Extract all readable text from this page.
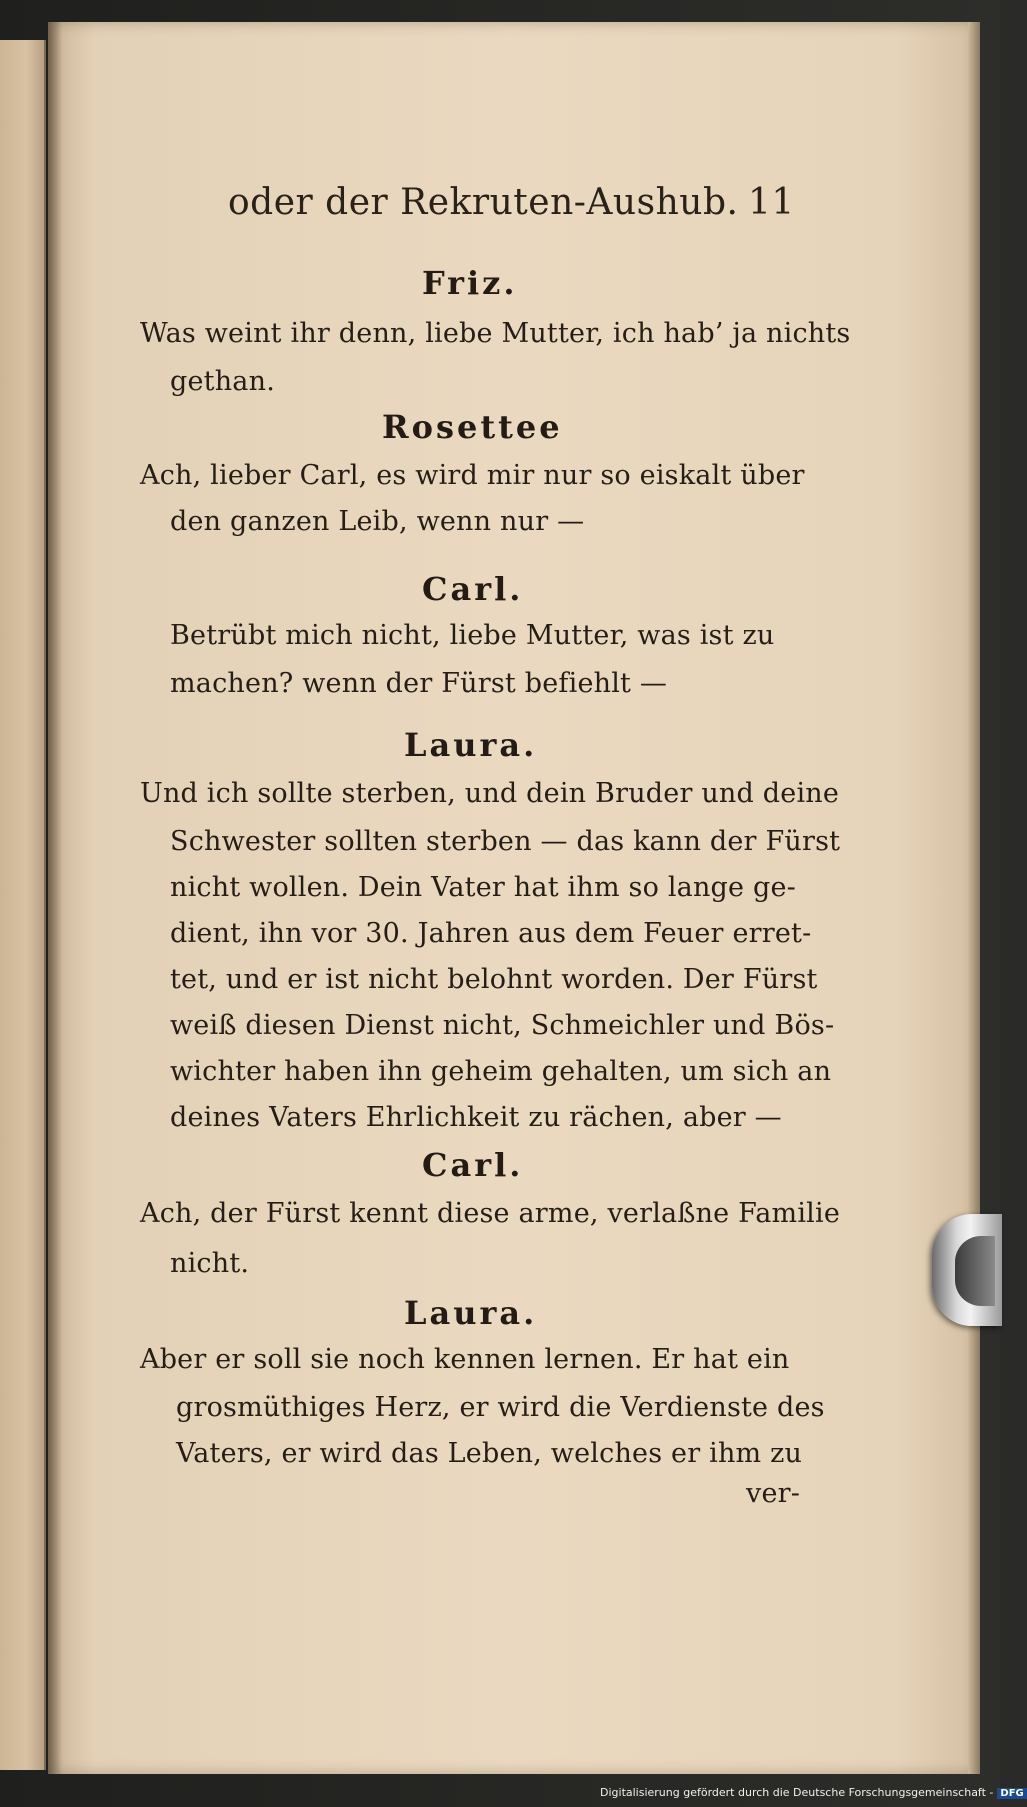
oder der Rekruten-Aushub. 11
Friz.
Was weint ihr denn, liebe Mutter, ich hab’ ja nichts
gethan.
Rosettee
Ach, lieber Carl, es wird mir nur so eiskalt über
den ganzen Leib, wenn nur —
Carl.
Betrübt mich nicht, liebe Mutter, was ist zu
machen? wenn der Fürst befiehlt —
Laura.
Und ich sollte sterben, und dein Bruder und deine
Schwester sollten sterben — das kann der Fürst
nicht wollen. Dein Vater hat ihm so lange ge-
dient, ihn vor 30. Jahren aus dem Feuer erret-
tet, und er ist nicht belohnt worden. Der Fürst
weiß diesen Dienst nicht, Schmeichler und Bös-
wichter haben ihn geheim gehalten, um sich an
deines Vaters Ehrlichkeit zu rächen, aber —
Carl.
Ach, der Fürst kennt diese arme, verlaßne Familie
nicht.
Laura.
Aber er soll sie noch kennen lernen. Er hat ein
grosmüthiges Herz, er wird die Verdienste des
Vaters, er wird das Leben, welches er ihm zu
ver-
Digitalisierung gefördert durch die Deutsche Forschungsgemeinschaft - DFG
